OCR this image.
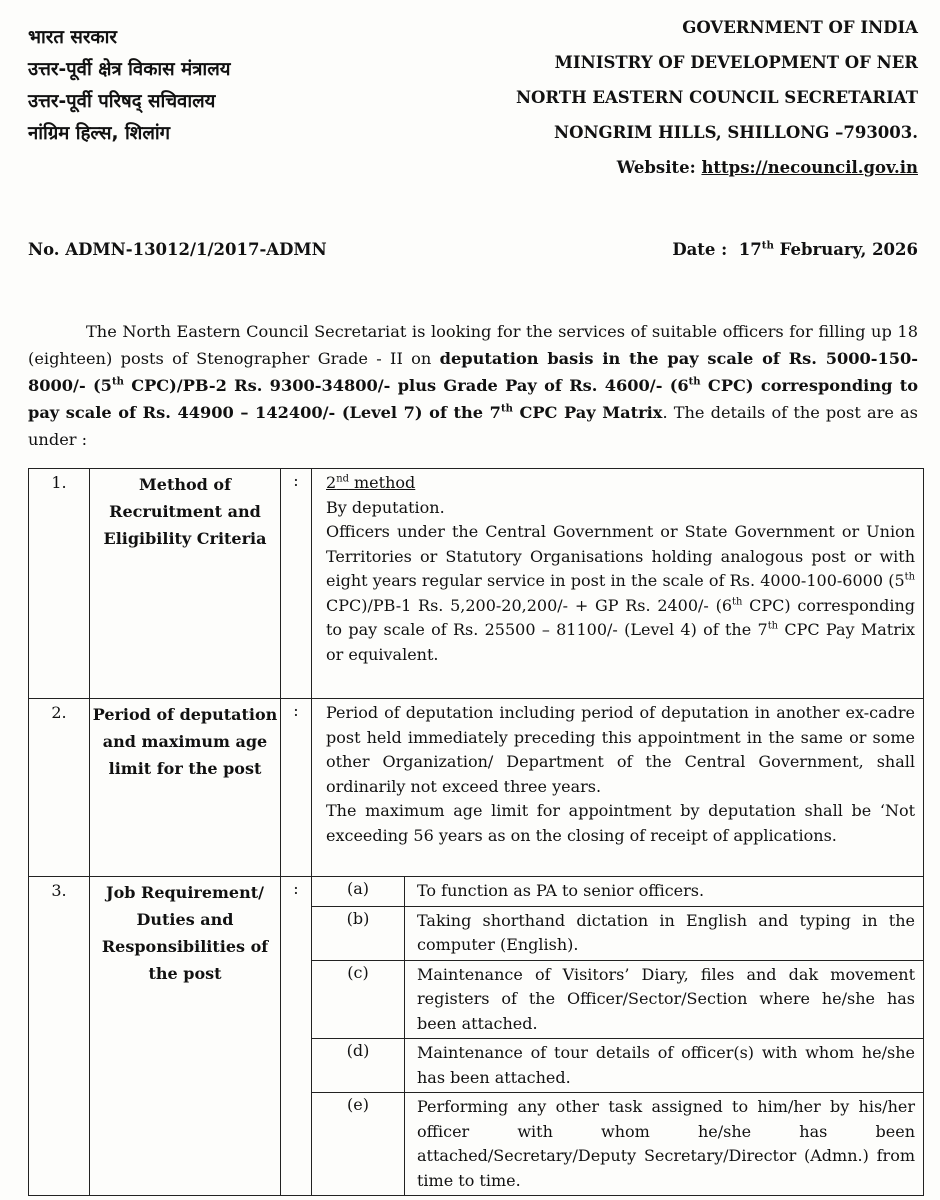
भारत सरकार
उत्तर-पूर्वी क्षेत्र विकास मंत्रालय
उत्तर-पूर्वी परिषद् सचिवालय
नांग्रिम हिल्स, शिलांग
GOVERNMENT OF INDIA
MINISTRY OF DEVELOPMENT OF NER
NORTH EASTERN COUNCIL SECRETARIAT
NONGRIM HILLS, SHILLONG –793003.
Website: https://necouncil.gov.in
No. ADMN-13012/1/2017-ADMN	Date : 17th February, 2026
The North Eastern Council Secretariat is looking for the services of suitable officers for filling up 18 (eighteen) posts of Stenographer Grade - II on deputation basis in the pay scale of Rs. 5000-150-8000/- (5th CPC)/PB-2 Rs. 9300-34800/- plus Grade Pay of Rs. 4600/- (6th CPC) corresponding to pay scale of Rs. 44900 – 142400/- (Level 7) of the 7th CPC Pay Matrix. The details of the post are as under :
1.	Method of Recruitment and Eligibility Criteria	:	2nd method
By deputation.
Officers under the Central Government or State Government or Union Territories or Statutory Organisations holding analogous post or with eight years regular service in post in the scale of Rs. 4000-100-6000 (5th CPC)/PB-1 Rs. 5,200-20,200/- + GP Rs. 2400/- (6th CPC) corresponding to pay scale of Rs. 25500 – 81100/- (Level 4) of the 7th CPC Pay Matrix or equivalent.

2.	Period of deputation and maximum age limit for the post	:	Period of deputation including period of deputation in another ex-cadre post held immediately preceding this appointment in the same or some other Organization/ Department of the Central Government, shall ordinarily not exceed three years.
The maximum age limit for appointment by deputation shall be ‘Not exceeding 56 years as on the closing of receipt of applications.

3.	Job Requirement/ Duties and Responsibilities of the post	:		(a)	To function as PA to senior officers.
(b)	Taking shorthand dictation in English and typing in the computer (English).
(c)	Maintenance of Visitors’ Diary, files and dak movement registers of the Officer/Sector/Section where he/she has been attached.
(d)	Maintenance of tour details of officer(s) with whom he/she has been attached.
(e)	Performing any other task assigned to him/her by his/her officer with whom he/she has been attached/Secretary/Deputy Secretary/Director (Admn.) from time to time.
